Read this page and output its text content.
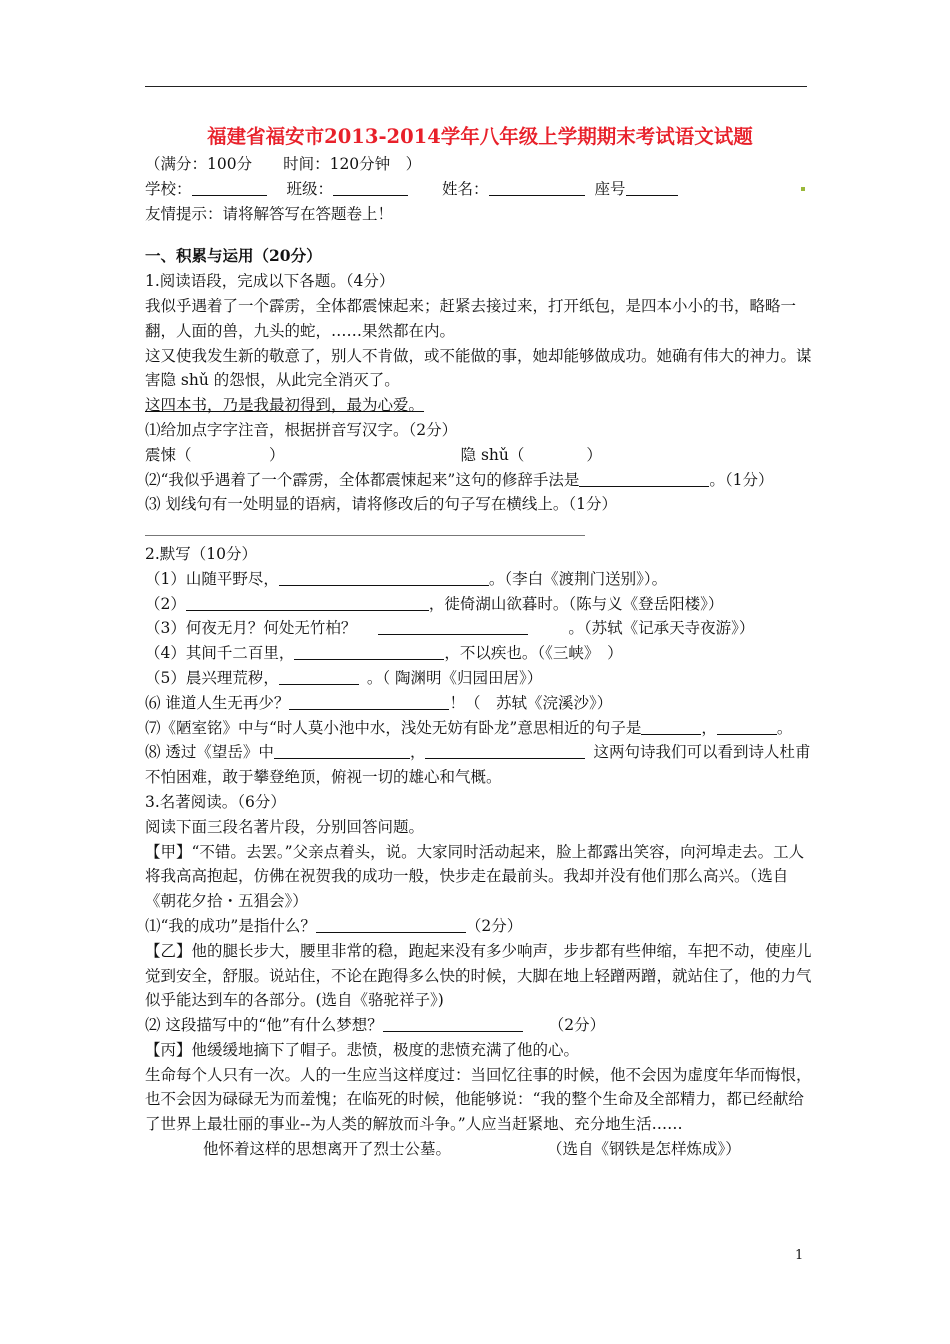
福建省福安市2013-2014学年八年级上学期期末考试语文试题
（满分：100分　　时间：120分钟　）
学校：	班级：	姓名：	座号
友情提示：请将解答写在答题卷上！
一、积累与运用（20分）
1.阅读语段，完成以下各题。（4分）
我似乎遇着了一个霹雳，全体都震悚起来；赶紧去接过来，打开纸包，是四本小小的书，略略一翻，人面的兽，九头的蛇，……果然都在内。
这又使我发生新的敬意了，别人不肯做，或不能做的事，她却能够做成功。她确有伟大的神力。谋害隐 shǔ 的怨恨，从此完全消灭了。
这四本书，乃是我最初得到，最为心爱。
⑴给加点字字注音，根据拼音写汉字。（2分）
震悚（　　　　　）	隐 shǔ（　　　　）
⑵“我似乎遇着了一个霹雳，全体都震悚起来”这句的修辞手法是	。（1分）
⑶ 划线句有一处明显的语病，请将修改后的句子写在横线上。（1分）
2.默写（10分）
（1）山随平野尽，	。（李白《渡荆门送别》）。
（2）	，徙倚湖山欲暮时。（陈与义《登岳阳楼》）
（3）何夜无月？何处无竹柏？	。（苏轼《记承天寺夜游》）
（4）其间千二百里，	，不以疾也。（《三峡》　）
（5）晨兴理荒秽，	。（ 陶渊明《归园田居》）
⑹ 谁道人生无再少？	！（　苏轼《浣溪沙》）
⑺《陋室铭》中与“时人莫小池中水，浅处无妨有卧龙”意思相近的句子是	，	。
⑻ 透过《望岳》中	，	这两句诗我们可以看到诗人杜甫不怕困难，敢于攀登绝顶，俯视一切的雄心和气概。
3.名著阅读。（6分）
阅读下面三段名著片段，分别回答问题。
【甲】“不错。去罢。”父亲点着头，说。大家同时活动起来，脸上都露出笑容，向河埠走去。工人将我高高抱起，仿佛在祝贺我的成功一般，快步走在最前头。我却并没有他们那么高兴。（选自《朝花夕拾・五猖会》）
⑴“我的成功”是指什么？	（2分）
【乙】他的腿长步大，腰里非常的稳，跑起来没有多少响声，步步都有些伸缩，车把不动，使座儿觉到安全，舒服。说站住，不论在跑得多么快的时候，大脚在地上轻蹭两蹭，就站住了，他的力气似乎能达到车的各部分。(选自《骆驼祥子》)
⑵ 这段描写中的“他”有什么梦想？	（2分）
【丙】他缓缓地摘下了帽子。悲愤，极度的悲愤充满了他的心。
生命每个人只有一次。人的一生应当这样度过：当回忆往事的时候，他不会因为虚度年华而悔恨，也不会因为碌碌无为而羞愧；在临死的时候，他能够说：“我的整个生命及全部精力，都已经献给了世界上最壮丽的事业--为人类的解放而斗争。”人应当赶紧地、充分地生活……
他怀着这样的思想离开了烈士公墓。	（选自《钢铁是怎样炼成》）
1
